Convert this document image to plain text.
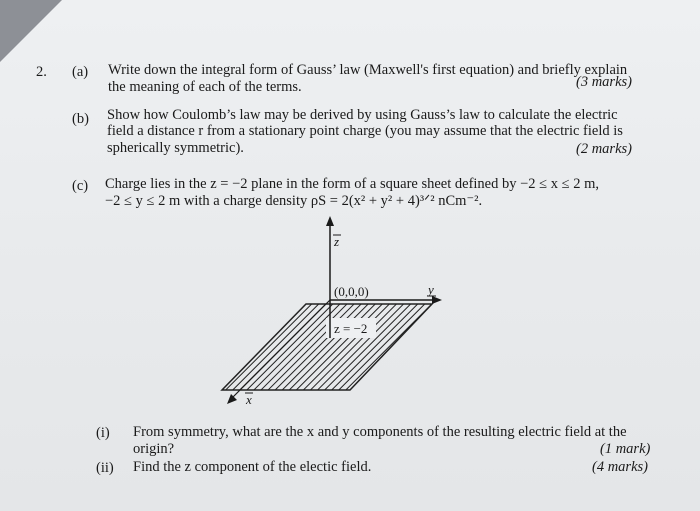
2. (a) Write down the integral form of Gauss’ law (Maxwell's first equation) and briefly explain
the meaning of each of the terms.	(3 marks)
(b) Show how Coulomb’s law may be derived by using Gauss’s law to calculate the electric
field a distance r from a stationary point charge (you may assume that the electric field is
spherically symmetric).	(2 marks)
(c) Charge lies in the z = −2 plane in the form of a square sheet defined by −2 ≤ x ≤ 2 m,
−2 ≤ y ≤ 2 m with a charge density ρS = 2(x² + y² + 4)³ᐟ² nCm⁻².
z
y
x
(0,0,0)
z = −2
(i) From symmetry, what are the x and y components of the resulting electric field at the
origin?	(1 mark)
(ii) Find the z component of the electic field.	(4 marks)
